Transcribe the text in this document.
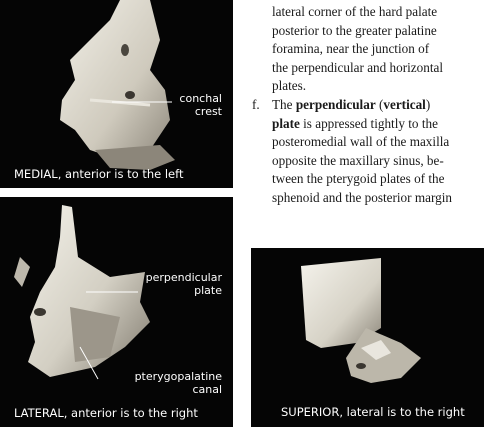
conchal
crest
MEDIAL, anterior is to the left
perpendicular
plate
pterygopalatine
canal
LATERAL, anterior is to the right	SUPERIOR, lateral is to the right
lateral corner of the hard palate
posterior to the greater palatine
foramina, near the junction of
the perpendicular and horizontal
plates.
f. The perpendicular (vertical)
plate is appressed tightly to the
posteromedial wall of the maxilla
opposite the maxillary sinus, be-
tween the pterygoid plates of the
sphenoid and the posterior margin
